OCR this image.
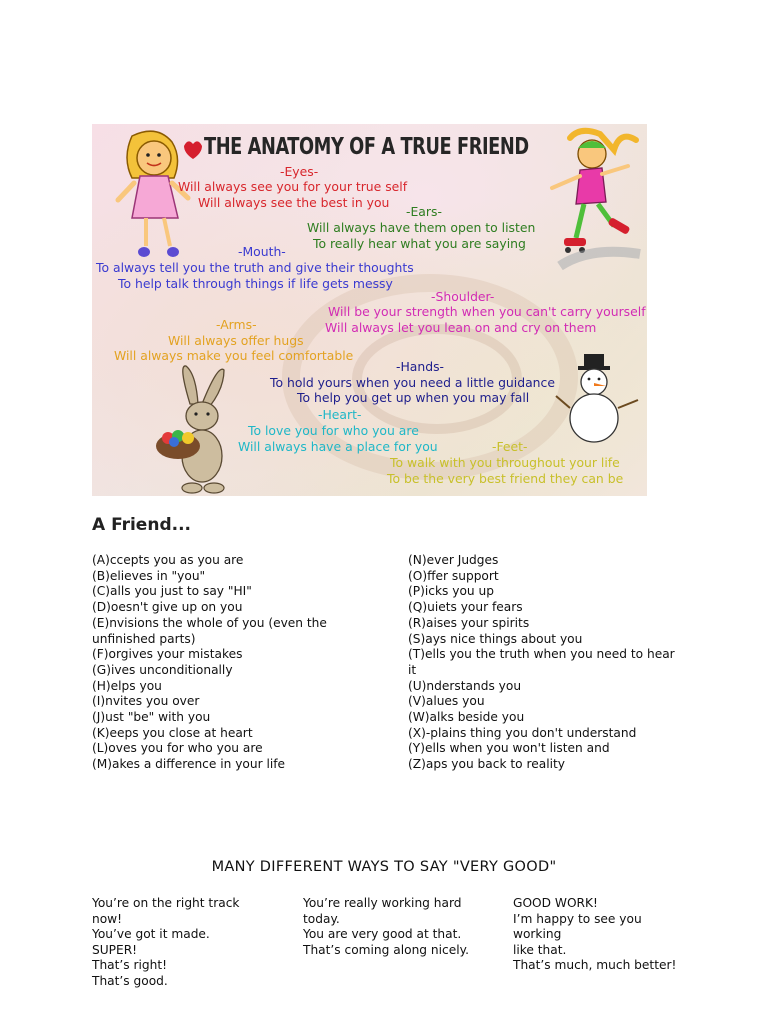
THE ANATOMY OF A TRUE FRIEND
-Eyes-
Will always see you for your true self
Will always see the best in you
-Ears-
Will always have them open to listen
To really hear what you are saying
-Mouth-
To always tell you the truth and give their thoughts
To help talk through things if life gets messy
-Shoulder-
Will be your strength when you can't carry yourself
Will always let you lean on and cry on them
-Arms-
Will always offer hugs
Will always make you feel comfortable
-Hands-
To hold yours when you need a little guidance
To help you get up when you may fall
-Heart-
To love you for who you are
Will always have a place for you	-Feet-
To walk with you throughout your life
To be the very best friend they can be
A Friend...
(A)ccepts you as you are
(B)elieves in "you"
(C)alls you just to say "HI"
(D)oesn't give up on you
(E)nvisions the whole of you (even the unfinished parts)
(F)orgives your mistakes
(G)ives unconditionally
(H)elps you
(I)nvites you over
(J)ust "be" with you
(K)eeps you close at heart
(L)oves you for who you are
(M)akes a difference in your life
(N)ever Judges
(O)ffer support
(P)icks you up
(Q)uiets your fears
(R)aises your spirits
(S)ays nice things about you
(T)ells you the truth when you need to hear it
(U)nderstands you
(V)alues you
(W)alks beside you
(X)-plains thing you don't understand
(Y)ells when you won't listen and
(Z)aps you back to reality
MANY DIFFERENT WAYS TO SAY "VERY GOOD"
You’re on the right track now!
You’ve got it made.
SUPER!
That’s right!
That’s good.
You’re really working hard today.
You are very good at that.
That’s coming along nicely.
GOOD WORK!
I’m happy to see you working
like that.
That’s much, much better!
